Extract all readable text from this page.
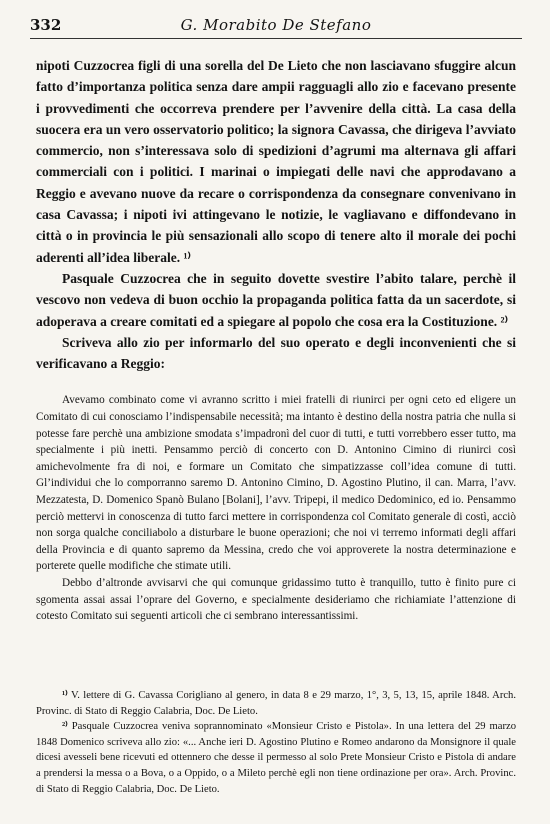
332	G. Morabito De Stefano

nipoti Cuzzocrea figli di una sorella del De Lieto che non lasciavano sfuggire alcun fatto d’importanza politica senza dare ampii ragguagli allo zio e facevano presente i provvedimenti che occorreva prendere per l’avvenire della città. La casa della suocera era un vero osservatorio politico; la signora Cavassa, che dirigeva l’avviato commercio, non s’interessava solo di spedizioni d’agrumi ma alternava gli affari commerciali con i politici. I marinai o impiegati delle navi che approdavano a Reggio e avevano nuove da recare o corrispondenza da consegnare convenivano in casa Cavassa; i nipoti ivi attingevano le notizie, le vagliavano e diffondevano in città o in provincia le più sensazionali allo scopo di tenere alto il morale dei pochi aderenti all’idea liberale. ¹⁾

Pasquale Cuzzocrea che in seguito dovette svestire l’abito talare, perchè il vescovo non vedeva di buon occhio la propaganda politica fatta da un sacerdote, si adoperava a creare comitati ed a spiegare al popolo che cosa era la Costituzione. ²⁾

Scriveva allo zio per informarlo del suo operato e degli inconvenienti che si verificavano a Reggio:

Avevamo combinato come vi avranno scritto i miei fratelli di riunirci per ogni ceto ed eligere un Comitato di cui conosciamo l’indispensabile necessità; ma intanto è destino della nostra patria che nulla si potesse fare perchè una ambizione smodata s’impadronì del cuor di tutti, e tutti vorrebbero esser tutto, ma specialmente i più inetti. Pensammo perciò di concerto con D. Antonino Cimino di riunirci così amichevolmente fra di noi, e formare un Comitato che simpatizzasse coll’idea comune di tutti. Gl’individui che lo comporranno saremo D. Antonino Cimino, D. Agostino Plutino, il can. Marra, l’avv. Mezzatesta, D. Domenico Spanò Bulano [Bolani], l’avv. Tripepi, il medico Dedominico, ed io. Pensammo perciò mettervi in conoscenza di tutto farci mettere in corrispondenza col Comitato generale di costì, acciò non sorga qualche conciliabolo a disturbare le buone operazioni; che noi vi terremo informati degli affari della Provincia e di quanto sapremo da Messina, credo che voi approverete la nostra determinazione e porterete quelle modifiche che stimate utili.

Debbo d’altronde avvisarvi che qui comunque gridassimo tutto è tranquillo, tutto è finito pure ci sgomenta assai assai l’oprare del Governo, e specialmente desideriamo che richiamiate l’attenzione di cotesto Comitato sui seguenti articoli che ci sembrano interessantissimi.

¹⁾ V. lettere di G. Cavassa Corigliano al genero, in data 8 e 29 marzo, 1°, 3, 5, 13, 15, aprile 1848. Arch. Provinc. di Stato di Reggio Calabria, Doc. De Lieto.

²⁾ Pasquale Cuzzocrea veniva soprannominato «Monsieur Cristo e Pistola». In una lettera del 29 marzo 1848 Domenico scriveva allo zio: «... Anche ieri D. Agostino Plutino e Romeo andarono da Monsignore il quale dicesi avesseli bene ricevuti ed ottennero che desse il permesso al solo Prete Monsieur Cristo e Pistola di andare a prendersi la messa o a Bova, o a Oppido, o a Mileto perchè egli non tiene ordinazione per ora». Arch. Provinc. di Stato di Reggio Calabria, Doc. De Lieto.
